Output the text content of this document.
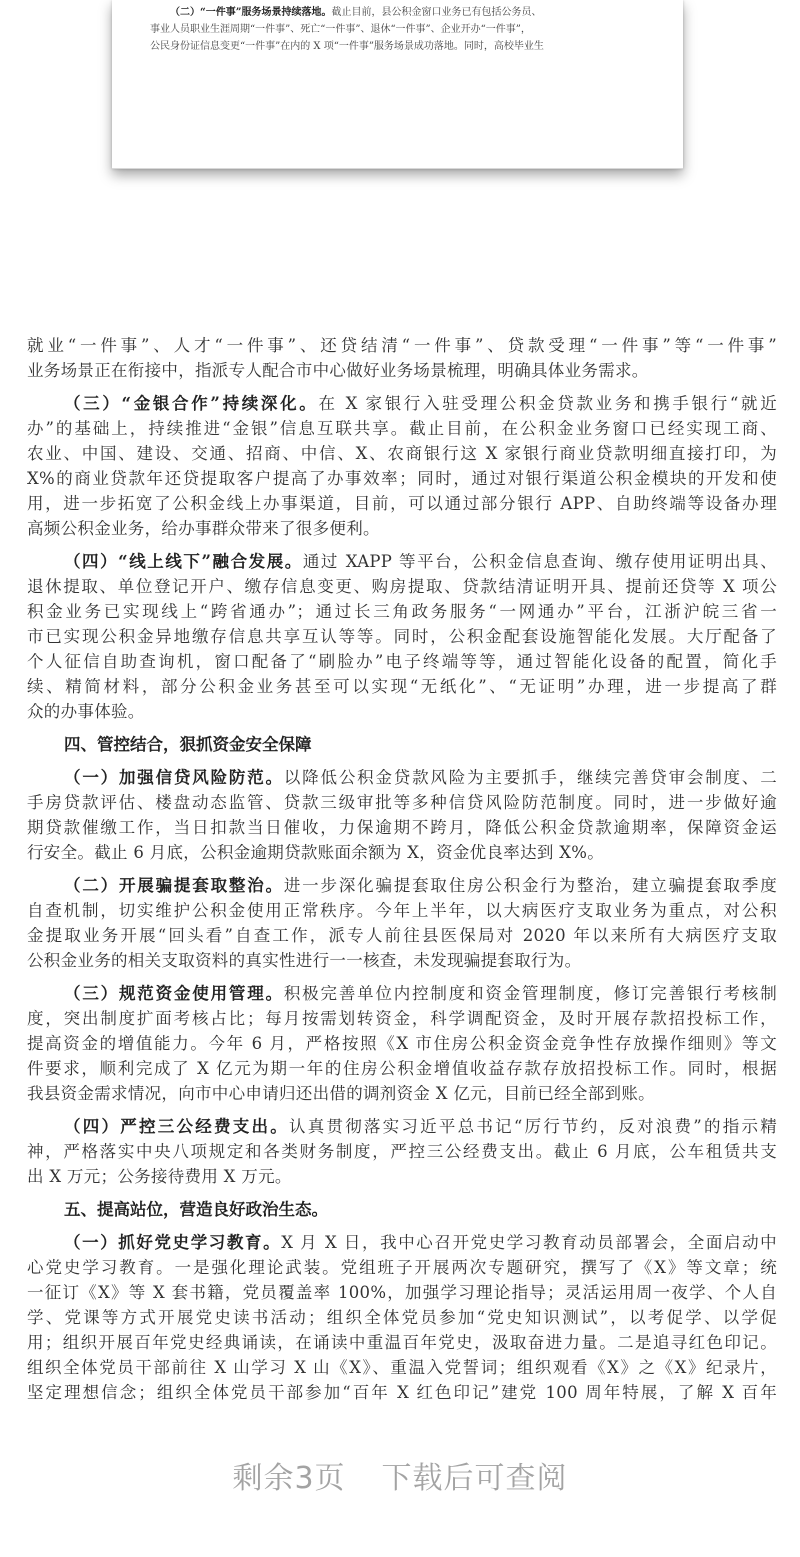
（二）“一件事”服务场景持续落地。截止目前，县公积金窗口业务已有包括公务员、
事业人员职业生涯周期“一件事”、死亡“一件事”、退休“一件事”、企业开办“一件事”，
公民身份证信息变更“一件事”在内的 X 项“一件事”服务场景成功落地。同时，高校毕业生

就业“一件事”、人才“一件事”、还贷结清“一件事”、贷款受理“一件事”等“一件事”
业务场景正在衔接中，指派专人配合市中心做好业务场景梳理，明确具体业务需求。
（三）“金银合作”持续深化。在 X 家银行入驻受理公积金贷款业务和携手银行“就近
办”的基础上，持续推进“金银”信息互联共享。截止目前，在公积金业务窗口已经实现工商、
农业、中国、建设、交通、招商、中信、X、农商银行这 X 家银行商业贷款明细直接打印，为
X%的商业贷款年还贷提取客户提高了办事效率；同时，通过对银行渠道公积金模块的开发和使
用，进一步拓宽了公积金线上办事渠道，目前，可以通过部分银行 APP、自助终端等设备办理
高频公积金业务，给办事群众带来了很多便利。
（四）“线上线下”融合发展。通过 XAPP 等平台，公积金信息查询、缴存使用证明出具、
退休提取、单位登记开户、缴存信息变更、购房提取、贷款结清证明开具、提前还贷等 X 项公
积金业务已实现线上“跨省通办”；通过长三角政务服务“一网通办”平台，江浙沪皖三省一
市已实现公积金异地缴存信息共享互认等等。同时，公积金配套设施智能化发展。大厅配备了
个人征信自助查询机，窗口配备了“刷脸办”电子终端等等，通过智能化设备的配置，简化手
续、精简材料，部分公积金业务甚至可以实现“无纸化”、“无证明”办理，进一步提高了群
众的办事体验。
四、管控结合，狠抓资金安全保障
（一）加强信贷风险防范。以降低公积金贷款风险为主要抓手，继续完善贷审会制度、二
手房贷款评估、楼盘动态监管、贷款三级审批等多种信贷风险防范制度。同时，进一步做好逾
期贷款催缴工作，当日扣款当日催收，力保逾期不跨月，降低公积金贷款逾期率，保障资金运
行安全。截止 6 月底，公积金逾期贷款账面余额为 X，资金优良率达到 X%。
（二）开展骗提套取整治。进一步深化骗提套取住房公积金行为整治，建立骗提套取季度
自查机制，切实维护公积金使用正常秩序。今年上半年，以大病医疗支取业务为重点，对公积
金提取业务开展“回头看”自查工作，派专人前往县医保局对 2020 年以来所有大病医疗支取
公积金业务的相关支取资料的真实性进行一一核查，未发现骗提套取行为。
（三）规范资金使用管理。积极完善单位内控制度和资金管理制度，修订完善银行考核制
度，突出制度扩面考核占比；每月按需划转资金，科学调配资金，及时开展存款招投标工作，
提高资金的增值能力。今年 6 月，严格按照《X 市住房公积金资金竞争性存放操作细则》等文
件要求，顺利完成了 X 亿元为期一年的住房公积金增值收益存款存放招投标工作。同时，根据
我县资金需求情况，向市中心申请归还出借的调剂资金 X 亿元，目前已经全部到账。
（四）严控三公经费支出。认真贯彻落实习近平总书记“厉行节约，反对浪费”的指示精
神，严格落实中央八项规定和各类财务制度，严控三公经费支出。截止 6 月底，公车租赁共支
出 X 万元；公务接待费用 X 万元。
五、提高站位，营造良好政治生态。
（一）抓好党史学习教育。X 月 X 日，我中心召开党史学习教育动员部署会，全面启动中
心党史学习教育。一是强化理论武装。党组班子开展两次专题研究，撰写了《X》等文章；统
一征订《X》等 X 套书籍，党员覆盖率 100%，加强学习理论指导；灵活运用周一夜学、个人自
学、党课等方式开展党史读书活动；组织全体党员参加“党史知识测试”，以考促学、以学促
用；组织开展百年党史经典诵读，在诵读中重温百年党史，汲取奋进力量。二是追寻红色印记。
组织全体党员干部前往 X 山学习 X 山《X》、重温入党誓词；组织观看《X》之《X》纪录片，
坚定理想信念；组织全体党员干部参加“百年 X 红色印记”建党 100 周年特展，了解 X 百年
剩余3页 下载后可查阅
